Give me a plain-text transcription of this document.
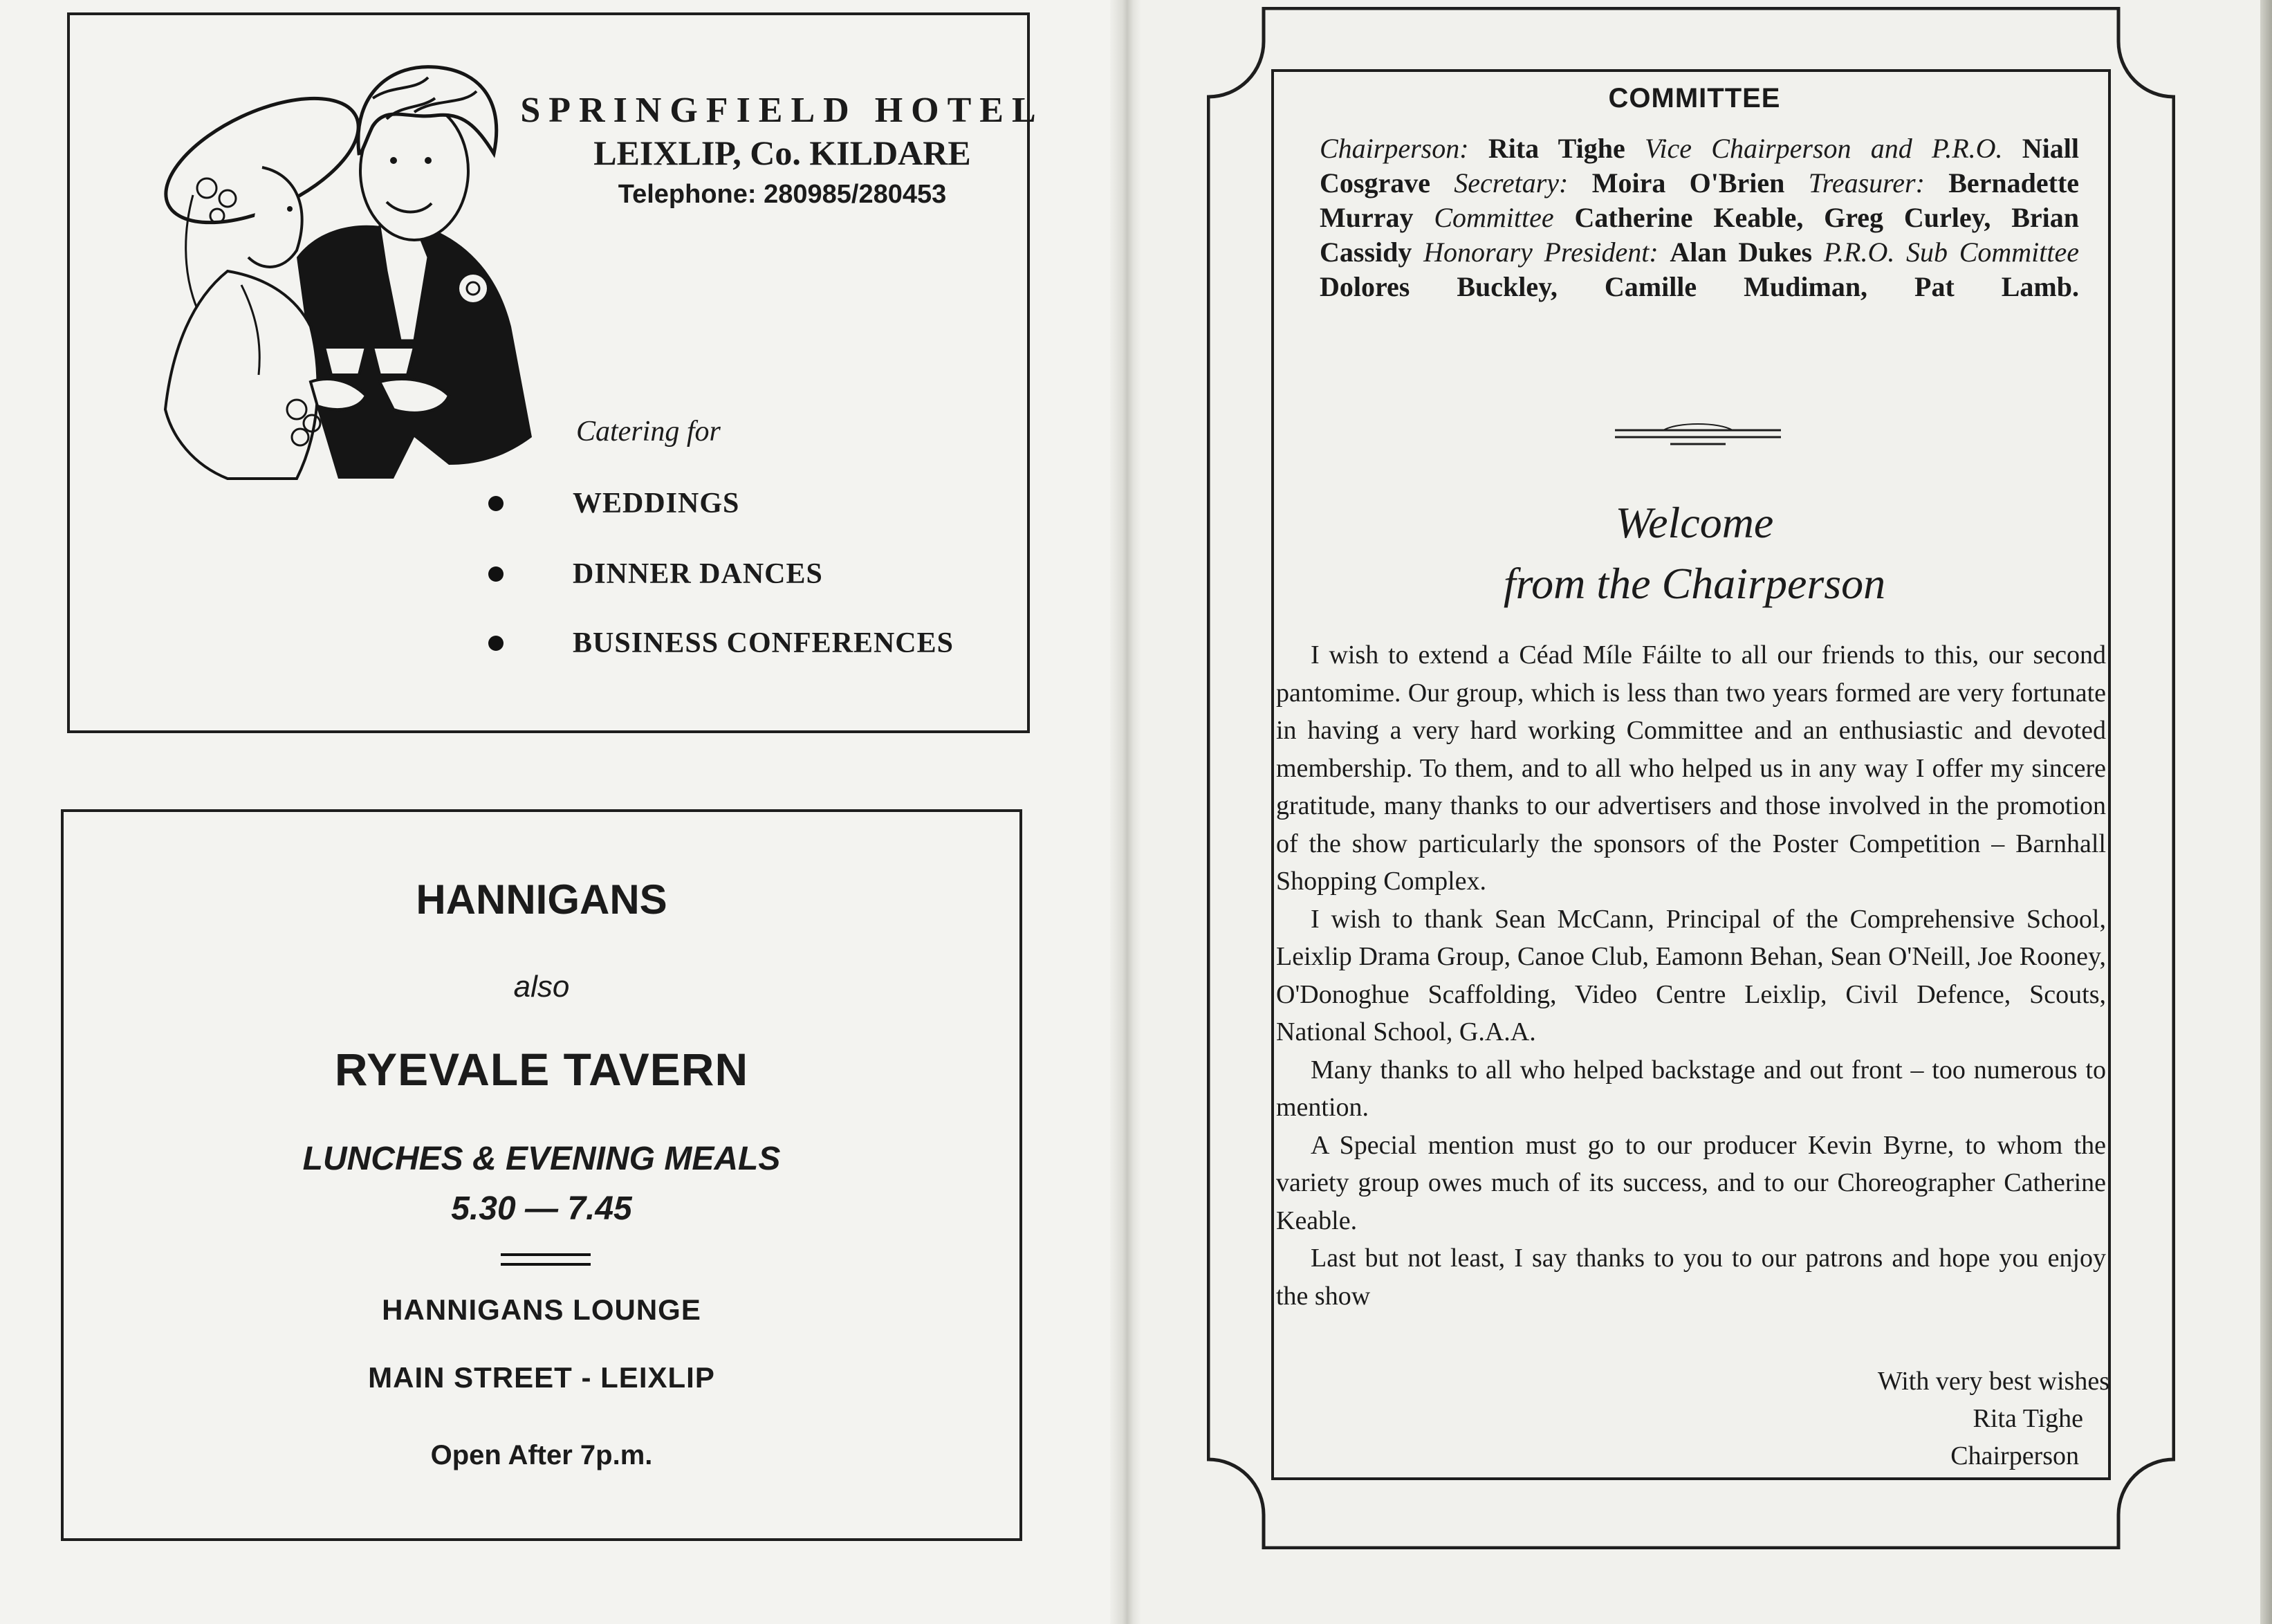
SPRINGFIELD HOTEL
LEIXLIP, Co. KILDARE
Telephone: 280985/280453
Catering for
WEDDINGS
DINNER DANCES
BUSINESS CONFERENCES
HANNIGANS
also
RYEVALE TAVERN
LUNCHES & EVENING MEALS
5.30 — 7.45
HANNIGANS LOUNGE
MAIN STREET - LEIXLIP
Open After 7p.m.
COMMITTEE
Chairperson: Rita Tighe Vice Chairperson and P.R.O. Niall Cosgrave Secretary: Moira O'Brien Treasurer: Bernadette Murray Committee Catherine Keable, Greg Curley, Brian Cassidy Honorary President: Alan Dukes P.R.O. Sub Committee Dolores Buckley, Camille Mudiman, Pat Lamb.
Welcome
from the Chairperson

I wish to extend a Céad Míle Fáilte to all our friends to this, our second pantomime. Our group, which is less than two years formed are very fortunate in having a very hard working Committee and an enthusiastic and devoted membership. To them, and to all who helped us in any way I offer my sincere gratitude, many thanks to our advertisers and those involved in the promotion of the show particularly the sponsors of the Poster Competition – Barnhall Shopping Complex.

I wish to thank Sean McCann, Principal of the Comprehensive School, Leixlip Drama Group, Canoe Club, Eamonn Behan, Sean O'Neill, Joe Rooney, O'Donoghue Scaffolding, Video Centre Leixlip, Civil Defence, Scouts, National School, G.A.A.

Many thanks to all who helped backstage and out front – too numerous to mention.

A Special mention must go to our producer Kevin Byrne, to whom the variety group owes much of its success, and to our Choreographer Catherine Keable.

Last but not least, I say thanks to you to our patrons and hope you enjoy the show

With very best wishes
Rita Tighe
Chairperson
